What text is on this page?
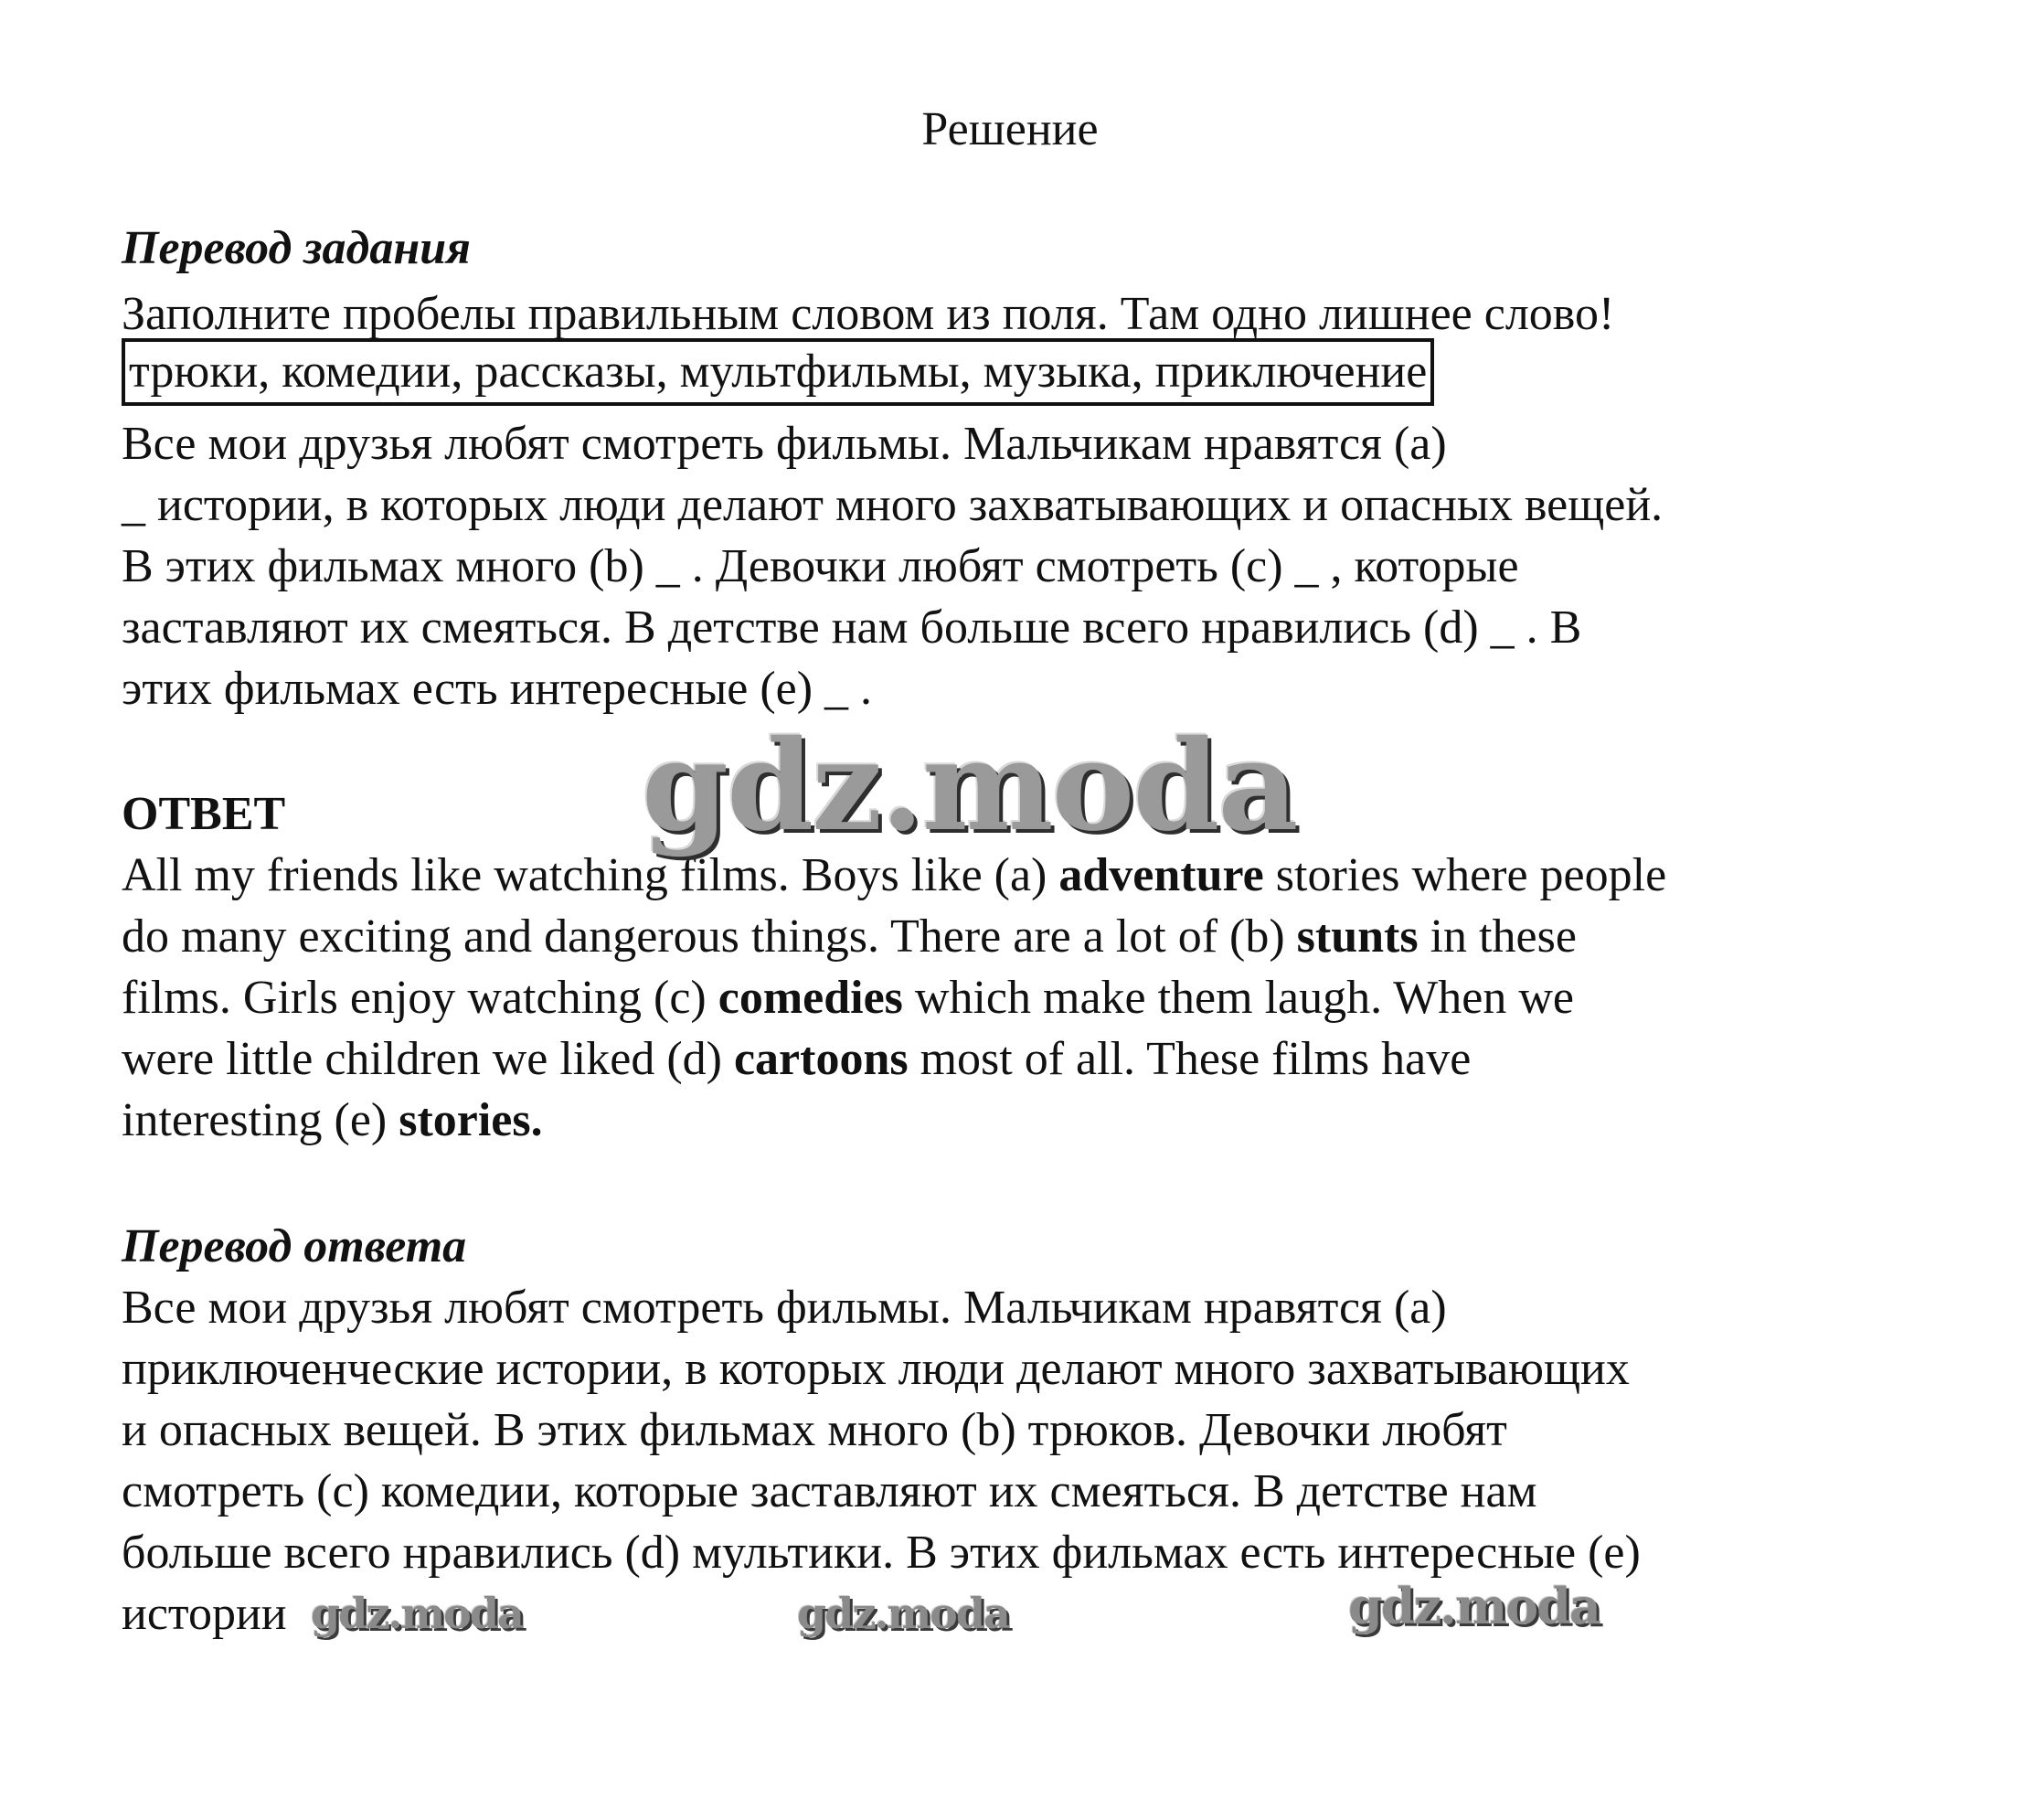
Решение
Перевод задания
Заполните пробелы правильным словом из поля. Там одно лишнее слово!
трюки, комедии, рассказы, мультфильмы, музыка, приключение
Все мои друзья любят смотреть фильмы. Мальчикам нравятся (a)
_ истории, в которых люди делают много захватывающих и опасных вещей.
В этих фильмах много (b) _ . Девочки любят смотреть (c) _ , которые
заставляют их смеяться. В детстве нам больше всего нравились (d) _ . В
этих фильмах есть интересные (e) _ .
ОТВЕТ
All my friends like watching films. Boys like (a) adventure stories where people
do many exciting and dangerous things. There are a lot of (b) stunts in these
films. Girls enjoy watching (c) comedies which make them laugh. When we
were little children we liked (d) cartoons most of all. These films have
interesting (e) stories.
Перевод ответа
Все мои друзья любят смотреть фильмы. Мальчикам нравятся (a)
приключенческие истории, в которых люди делают много захватывающих
и опасных вещей. В этих фильмах много (b) трюков. Девочки любят
смотреть (c) комедии, которые заставляют их смеяться. В детстве нам
больше всего нравились (d) мультики. В этих фильмах есть интересные (e)
истории
gdz.moda
gdz.moda	gdz.moda	gdz.moda
